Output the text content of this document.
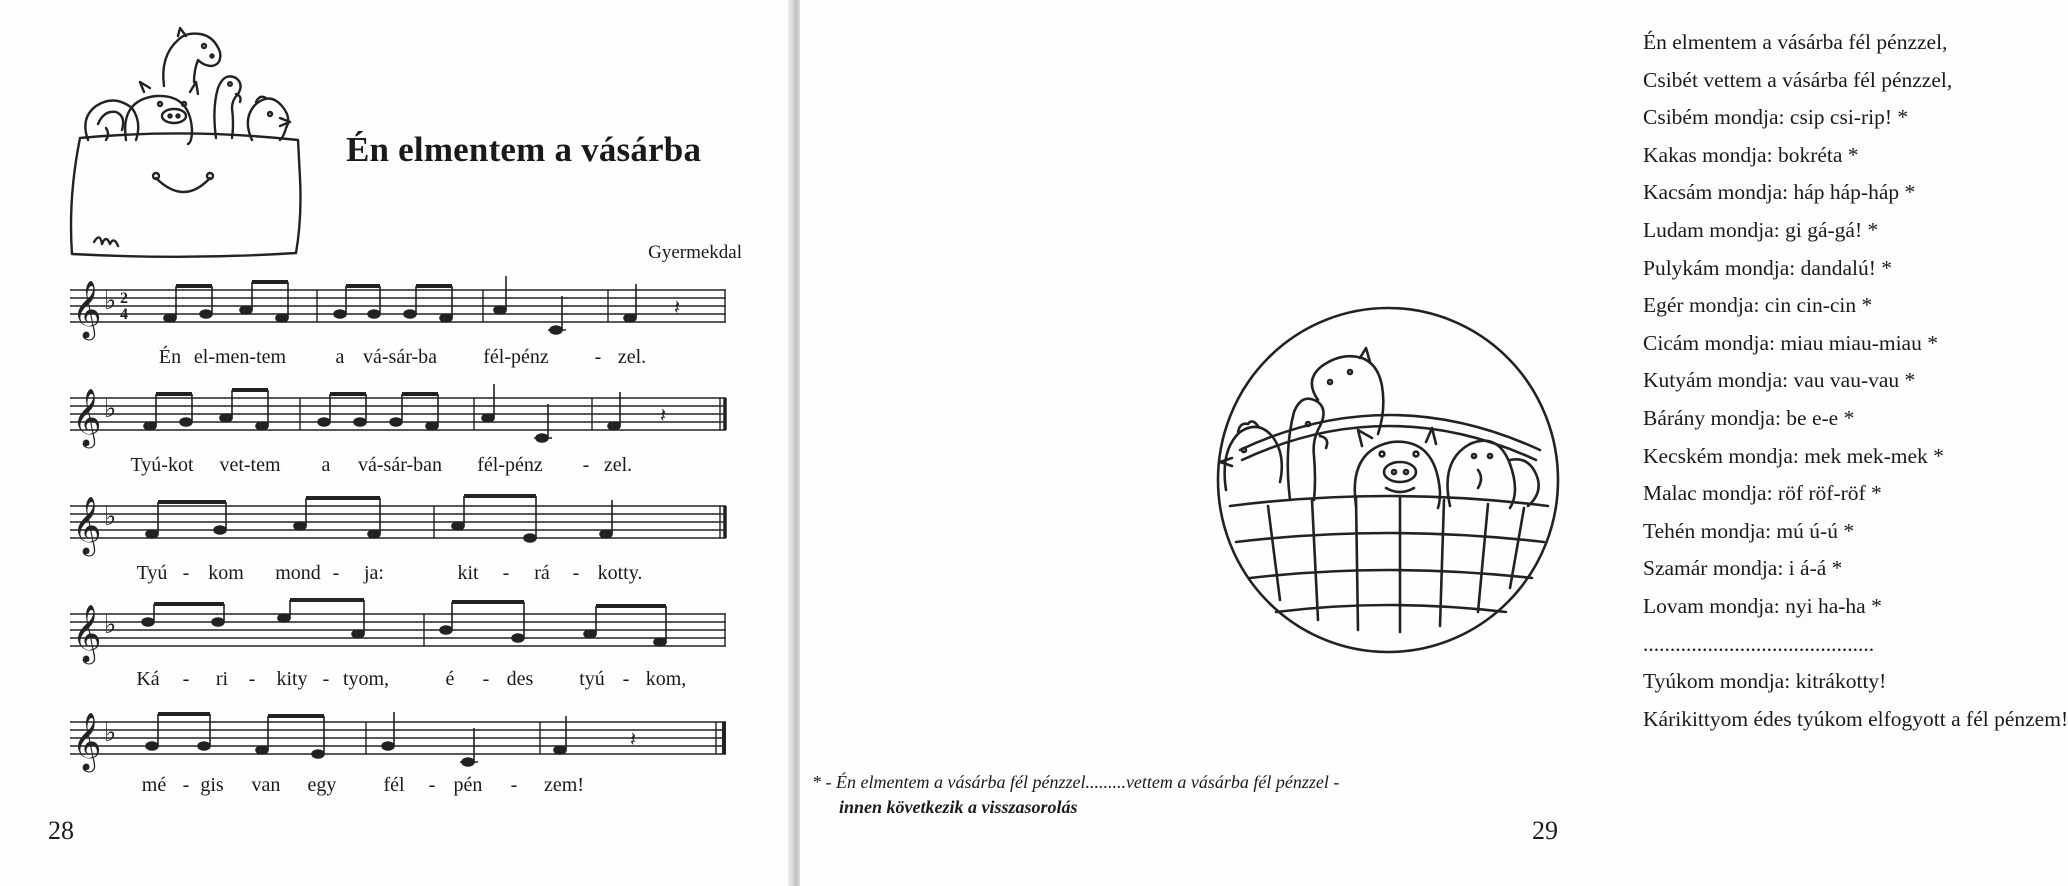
Én elmentem a vásárba
Gyermekdal
𝄞 ♭ 2
4	𝄽
Én el-men-tem a vá-sár-ba fél-pénz - zel.
𝄞 ♭	𝄽
Tyú-kot vet-tem a vá-sár-ban fél-pénz - zel.
𝄞 ♭
Tyú - kom mond - ja:	kit - rá - kotty.
𝄞 ♭
Ká - ri - kity - tyom,	é - des tyú - kom,
𝄞 ♭	𝄽
mé - gis van egy fél - pén - zem!
28
Én elmentem a vásárba fél pénzzel,
Csibét vettem a vásárba fél pénzzel,
Csibém mondja: csip csi-rip! *
Kakas mondja: bokréta *
Kacsám mondja: háp háp-háp *
Ludam mondja: gi gá-gá! *
Pulykám mondja: dandalú! *
Egér mondja: cin cin-cin *
Cicám mondja: miau miau-miau *
Kutyám mondja: vau vau-vau *
Bárány mondja: be e-e *
Kecském mondja: mek mek-mek *
Malac mondja: röf röf-röf *
Tehén mondja: mú ú-ú *
Szamár mondja: i á-á *
Lovam mondja: nyi ha-ha *
...........................................
Tyúkom mondja: kitrákotty!
Kárikittyom édes tyúkom elfogyott a fél pénzem!
* - Én elmentem a vásárba fél pénzzel.........vettem a vásárba fél pénzzel -
innen következik a visszasorolás
29
